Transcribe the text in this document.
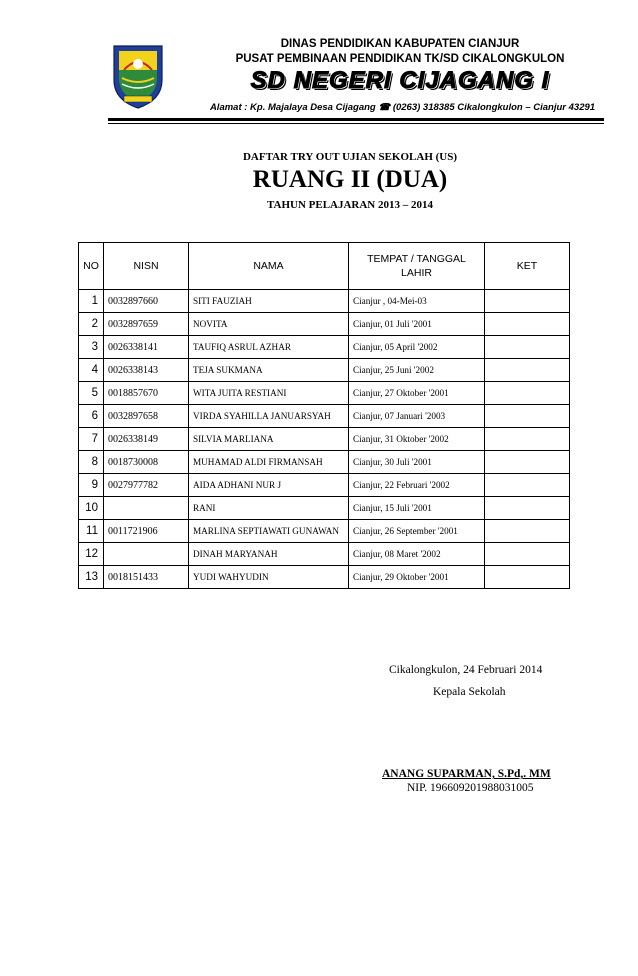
DINAS PENDIDIKAN KABUPATEN CIANJUR
PUSAT PEMBINAAN PENDIDIKAN TK/SD CIKALONGKULON
SD NEGERI CIJAGANG I
Alamat : Kp. Majalaya Desa Cijagang ☎ (0263) 318385 Cikalongkulon – Cianjur 43291
DAFTAR TRY OUT UJIAN SEKOLAH (US)
RUANG II (DUA)
TAHUN PELAJARAN 2013 – 2014
NO	NISN	NAMA	TEMPAT / TANGGAL LAHIR	KET
1	0032897660	SITI FAUZIAH	Cianjur , 04-Mei-03	
2	0032897659	NOVITA	Cianjur, 01 Juli '2001	
3	0026338141	TAUFIQ ASRUL AZHAR	Cianjur, 05 April '2002	
4	0026338143	TEJA SUKMANA	Cianjur, 25 Juni '2002	
5	0018857670	WITA JUITA RESTIANI	Cianjur, 27 Oktober '2001	
6	0032897658	VIRDA SYAHILLA JANUARSYAH	Cianjur, 07 Januari '2003	
7	0026338149	SILVIA MARLIANA	Cianjur, 31 Oktober '2002	
8	0018730008	MUHAMAD ALDI FIRMANSAH	Cianjur, 30 Juli '2001	
9	0027977782	AIDA ADHANI NUR J	Cianjur, 22 Februari '2002	
10		RANI	Cianjur, 15 Juli '2001	
11	0011721906	MARLINA SEPTIAWATI GUNAWAN	Cianjur, 26 September '2001	
12		DINAH MARYANAH	Cianjur, 08 Maret '2002	
13	0018151433	YUDI WAHYUDIN	Cianjur, 29 Oktober '2001	
Cikalongkulon, 24 Februari 2014
Kepala Sekolah
ANANG SUPARMAN, S.Pd,. MM
NIP. 196609201988031005
